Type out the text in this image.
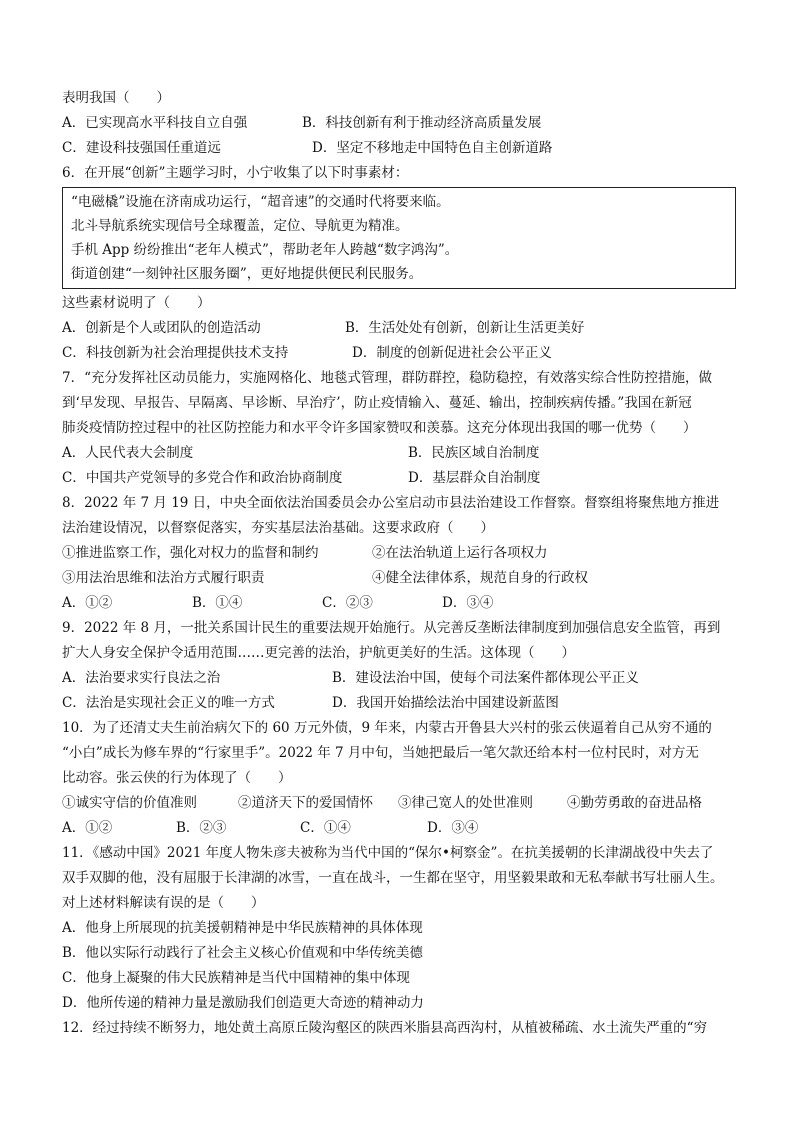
表明我国（　　）
A．已实现高水平科技自立自强	B．科技创新有利于推动经济高质量发展
C．建设科技强国任重道远	D．坚定不移地走中国特色自主创新道路
6．在开展“创新”主题学习时，小宁收集了以下时事素材：
“电磁橇”设施在济南成功运行，“超音速”的交通时代将要来临。
北斗导航系统实现信号全球覆盖，定位、导航更为精准。
手机 App 纷纷推出“老年人模式”，帮助老年人跨越“数字鸿沟”。
街道创建“一刻钟社区服务圈”，更好地提供便民利民服务。
这些素材说明了（　　）
A．创新是个人或团队的创造活动	B．生活处处有创新，创新让生活更美好
C．科技创新为社会治理提供技术支持	D．制度的创新促进社会公平正义
7．“充分发挥社区动员能力，实施网格化、地毯式管理，群防群控，稳防稳控，有效落实综合性防控措施，做
到‘早发现、早报告、早隔离、早诊断、早治疗’，防止疫情输入、蔓延、输出，控制疾病传播。”我国在新冠
肺炎疫情防控过程中的社区防控能力和水平令许多国家赞叹和羡慕。这充分体现出我国的哪一优势（　　）
A．人民代表大会制度	B．民族区域自治制度
C．中国共产党领导的多党合作和政治协商制度	D．基层群众自治制度
8．2022 年 7 月 19 日，中央全面依法治国委员会办公室启动市县法治建设工作督察。督察组将聚焦地方推进
法治建设情况，以督察促落实，夯实基层法治基础。这要求政府（　　）
①推进监察工作，强化对权力的监督和制约	②在法治轨道上运行各项权力
③用法治思维和法治方式履行职责	④健全法律体系，规范自身的行政权
A．①②	B．①④	C．②③	D．③④
9．2022 年 8 月，一批关系国计民生的重要法规开始施行。从完善反垄断法律制度到加强信息安全监管，再到
扩大人身安全保护令适用范围……更完善的法治，护航更美好的生活。这体现（　　）
A．法治要求实行良法之治	B．建设法治中国，使每个司法案件都体现公平正义
C．法治是实现社会正义的唯一方式	D．我国开始描绘法治中国建设新蓝图
10．为了还清丈夫生前治病欠下的 60 万元外债，9 年来，内蒙古开鲁县大兴村的张云侠逼着自己从穷不通的
“小白”成长为修车界的“行家里手”。2022 年 7 月中旬，当她把最后一笔欠款还给本村一位村民时，对方无
比动容。张云侠的行为体现了（　　）
①诚实守信的价值准则	②道济天下的爱国情怀 ③律己宽人的处世准则	④勤劳勇敢的奋进品格
A．①②	B．②③	C．①④	D．③④
11．《感动中国》2021 年度人物朱彦夫被称为当代中国的“保尔•柯察金”。在抗美援朝的长津湖战役中失去了
双手双脚的他，没有屈服于长津湖的冰雪，一直在战斗，一生都在坚守，用坚毅果敢和无私奉献书写壮丽人生。
对上述材料解读有误的是（　　）
A．他身上所展现的抗美援朝精神是中华民族精神的具体体现
B．他以实际行动践行了社会主义核心价值观和中华传统美德
C．他身上凝聚的伟大民族精神是当代中国精神的集中体现
D．他所传递的精神力量是激励我们创造更大奇迹的精神动力
12．经过持续不断努力，地处黄土高原丘陵沟壑区的陕西米脂县高西沟村，从植被稀疏、水土流失严重的“穷
